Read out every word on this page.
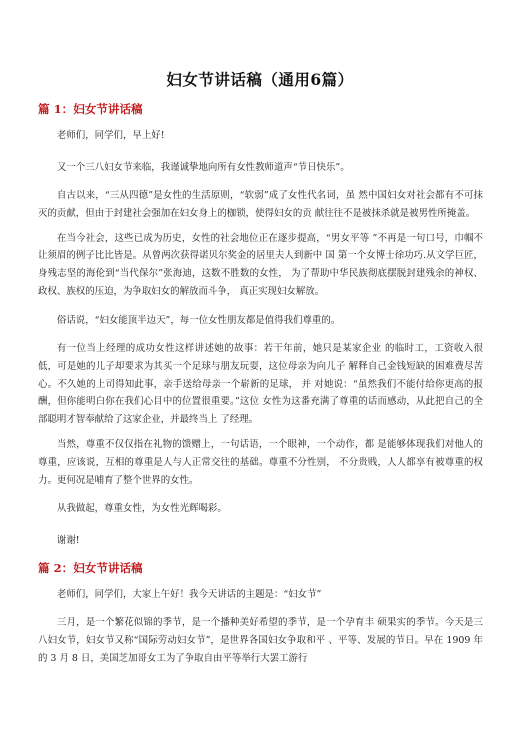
妇女节讲话稿（通用6篇）
篇 1：妇女节讲话稿

老师们，同学们，早上好!

又一个三八妇女节来临，我谨诚挚地向所有女性教师道声“节日快乐”。

自古以来，“三从四德”是女性的生活原则，“软弱”成了女性代名词，虽 然中国妇女对社会都有不可抹灭的贡献，但由于封建社会强加在妇女身上的枷锁，使得妇女的贡 献往往不是被抹杀就是被男性所掩盖。

在当今社会，这些已成为历史，女性的社会地位正在逐步提高，“男女平等 ”不再是一句口号，巾帼不让须眉的例子比比皆是。从曾两次获得诺贝尔奖金的居里夫人到新中 国 第一个女博士徐功巧.从文学巨匠，身残志坚的海伦到“当代保尔”张海迪，这数不胜数的女性， 为了帮助中华民族彻底摆脱封建残余的神权、政权、族权的压迫，为争取妇女的解放而斗争， 真正实现妇女解放。

俗话说，“妇女能顶半边天”，每一位女性朋友都是值得我们尊重的。

有一位当上经理的成功女性这样讲述她的故事：若干年前，她只是某家企业 的临时工，工资收入很低，可是她的儿子却要求为其买一个足球与朋友玩耍，这位母亲为向儿子 解释自己金钱短缺的困难费尽苦心。不久她的上司得知此事，亲手送给母亲一个崭新的足球， 并 对她说：“虽然我们不能付给你更高的报酬，但你能明白你在我们心目中的位置很重要。”这位 女性为这番充满了尊重的话而感动，从此把自己的全部聪明才智奉献给了这家企业，并最终当上 了经理。

当然，尊重不仅仅指在礼物的馈赠上，一句话语，一个眼神，一个动作，都 是能够体现我们对他人的尊重，应该说，互相的尊重是人与人正常交往的基础。尊重不分性别， 不分贵贱，人人都享有被尊重的权力。更何况是哺育了整个世界的女性。

从我做起，尊重女性，为女性光辉喝彩。

谢谢!

篇 2：妇女节讲话稿

老师们，同学们，大家上午好！我今天讲话的主题是：“妇女节”

三月，是一个繁花似锦的季节，是一个播种美好希望的季节，是一个孕育丰 硕果实的季节。今天是三八妇女节，妇女节又称“国际劳动妇女节”，是世界各国妇女争取和平 、平等、发展的节日。早在 1909 年的 3 月 8 日，美国芝加哥女工为了争取自由平等举行大罢工游行
